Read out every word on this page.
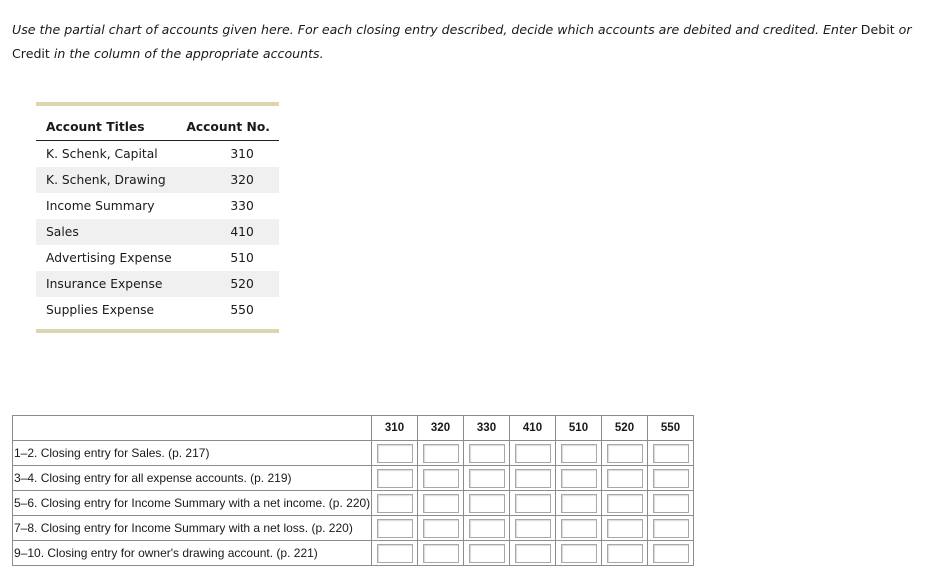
Use the partial chart of accounts given here. For each closing entry described, decide which accounts are debited and credited. Enter Debit or Credit in the column of the appropriate accounts.
Account Titles	Account No.
K. Schenk, Capital	310
K. Schenk, Drawing	320
Income Summary	330
Sales	410
Advertising Expense	510
Insurance Expense	520
Supplies Expense	550
	310	320	330	410	510	520	550
1–2. Closing entry for Sales. (p. 217)	

3–4. Closing entry for all expense accounts. (p. 219)	

5–6. Closing entry for Income Summary with a net income. (p. 220)	

7–8. Closing entry for Income Summary with a net loss. (p. 220)	

9–10. Closing entry for owner's drawing account. (p. 221)	
